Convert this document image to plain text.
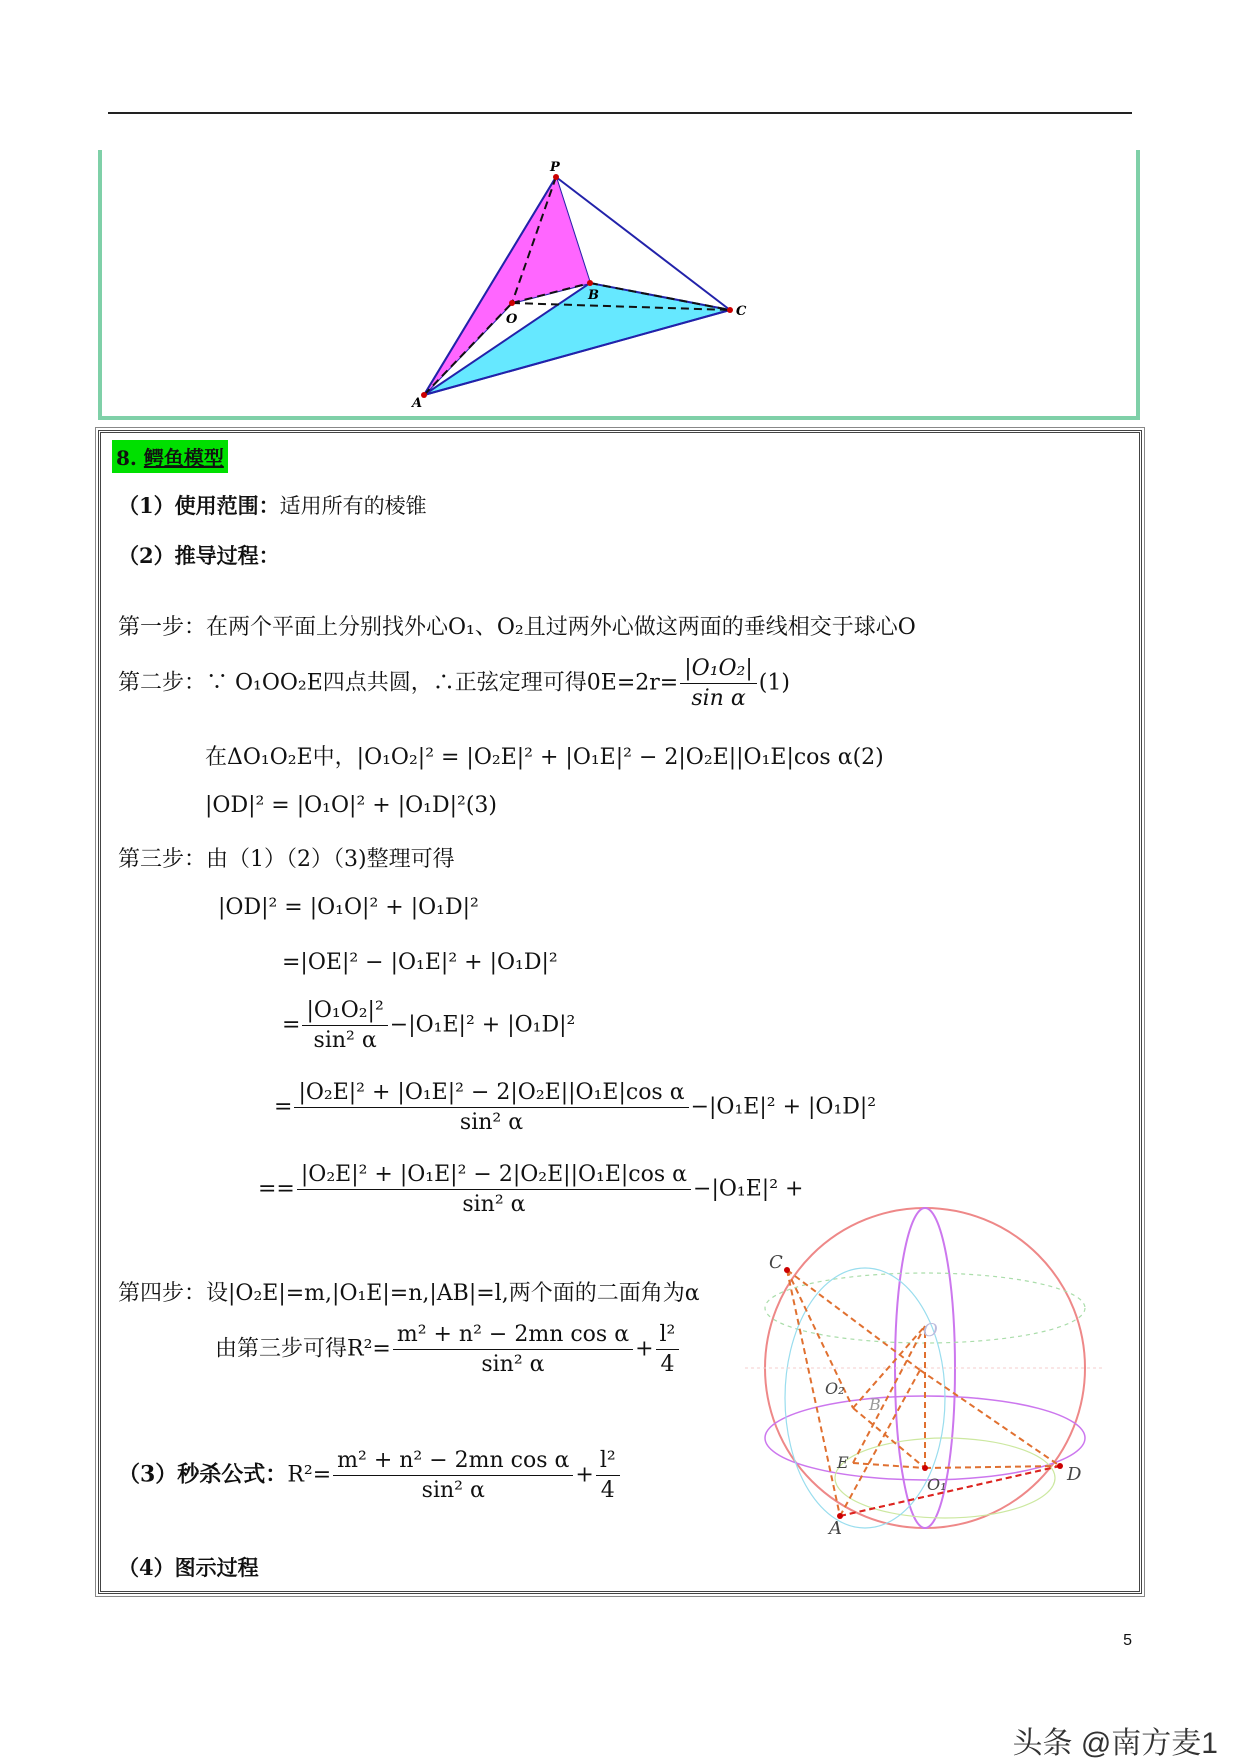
P
A
B
C
O
8. 鳄鱼模型
（1）使用范围：适用所有的棱锥
（2）推导过程：
第一步：在两个平面上分别找外心O₁、O₂且过两外心做这两面的垂线相交于球心O
第二步：∵ O₁OO₂E四点共圆，∴正弦定理可得$0E=2r= \frac{\text{|O₁O₂|}}{\text{sin α}} (1)$
在ΔO₁O₂E中，|O₁O₂|² = |O₂E|² + |O₁E|² − 2|O₂E||O₁E|cos α(2)
|OD|² = |O₁O|² + |O₁D|²(3)
第三步：由（1）（2）（3)整理可得
|OD|² = |O₁O|² + |O₁D|²
=|OE|² − |O₁E|² + |O₁D|²
= $\frac{\text{|O₁O₂|²}}{\text{sin² α}} -|O_1E|^2 + |O_1D|^2$
= $\frac{\text{|O₂E|² + |O₁E|² − 2|O₂E||O₁E|cos α}}{\text{sin² α}} -|O_1E|^2 + |O_1D|^2$
== $\frac{\text{|O₂E|² + |O₁E|² − 2|O₂E||O₁E|cos α}}{\text{sin² α}} -|O_1E|^2$ +
第四步：设|O₂E|=m,|O₁E|=n,|AB|=l,两个面的二面角为α
由第三步可得$R^2= \frac{\text{m² + n² − 2mn cos α}}{\text{sin² α}} + \frac{\text{l²}}{4}$
（3）秒杀公式：$R^2= \frac{\text{m² + n² − 2mn cos α}}{\text{sin² α}} + \frac{\text{l²}}{4}$
（4）图示过程
C
O
O₂
B
E
O₁	D
A
5
头条 @南方麦1
